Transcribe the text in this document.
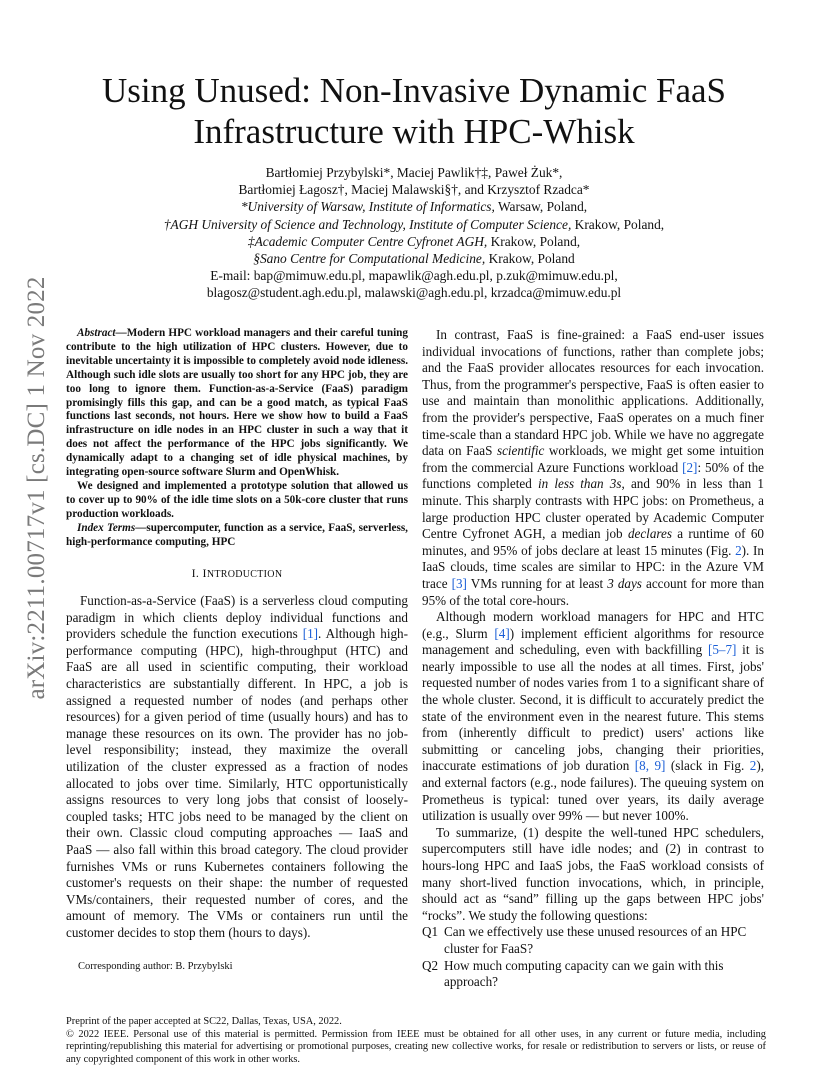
Using Unused: Non-Invasive Dynamic FaaS
Infrastructure with HPC-Whisk
Bartłomiej Przybylski*, Maciej Pawlik†‡, Paweł Żuk*,
Bartłomiej Łagosz†, Maciej Malawski§†, and Krzysztof Rzadca*
*University of Warsaw, Institute of Informatics, Warsaw, Poland,
†AGH University of Science and Technology, Institute of Computer Science, Krakow, Poland,
‡Academic Computer Centre Cyfronet AGH, Krakow, Poland,
§Sano Centre for Computational Medicine, Krakow, Poland
E-mail: bap@mimuw.edu.pl, mapawlik@agh.edu.pl, p.zuk@mimuw.edu.pl,
blagosz@student.agh.edu.pl, malawski@agh.edu.pl, krzadca@mimuw.edu.pl
arXiv:2211.00717v1 [cs.DC] 1 Nov 2022	Abstract—Modern HPC workload managers and their careful tuning contribute to the high utilization of HPC clusters. However, due to inevitable uncertainty it is impossible to completely avoid node idleness. Although such idle slots are usually too short for any HPC job, they are too long to ignore them. Function-as-a-Service (FaaS) paradigm promisingly fills this gap, and can be a good match, as typical FaaS functions last seconds, not hours. Here we show how to build a FaaS infrastructure on idle nodes in an HPC cluster in such a way that it does not affect the performance of the HPC jobs significantly. We dynamically adapt to a changing set of idle physical machines, by integrating open-source software Slurm and OpenWhisk.

We designed and implemented a prototype solution that allowed us to cover up to 90% of the idle time slots on a 50k-core cluster that runs production workloads.

Index Terms—supercomputer, function as a service, FaaS, serverless, high-performance computing, HPC

I. INTRODUCTION

Function-as-a-Service (FaaS) is a serverless cloud computing paradigm in which clients deploy individual functions and providers schedule the function executions [1]. Although high-performance computing (HPC), high-throughput (HTC) and FaaS are all used in scientific computing, their workload characteristics are substantially different. In HPC, a job is assigned a requested number of nodes (and perhaps other resources) for a given period of time (usually hours) and has to manage these resources on its own. The provider has no job-level responsibility; instead, they maximize the overall utilization of the cluster expressed as a fraction of nodes allocated to jobs over time. Similarly, HTC opportunistically assigns resources to very long jobs that consist of loosely-coupled tasks; HTC jobs need to be managed by the client on their own. Classic cloud computing approaches — IaaS and PaaS — also fall within this broad category. The cloud provider furnishes VMs or runs Kubernetes containers following the customer's requests on their shape: the number of requested VMs/containers, their requested number of cores, and the amount of memory. The VMs or containers run until the customer decides to stop them (hours to days).

In contrast, FaaS is fine-grained: a FaaS end-user issues individual invocations of functions, rather than complete jobs; and the FaaS provider allocates resources for each invocation. Thus, from the programmer's perspective, FaaS is often easier to use and maintain than monolithic applications. Additionally, from the provider's perspective, FaaS operates on a much finer time-scale than a standard HPC job. While we have no aggregate data on FaaS scientific workloads, we might get some intuition from the commercial Azure Functions workload [2]: 50% of the functions completed in less than 3s, and 90% in less than 1 minute. This sharply contrasts with HPC jobs: on Prometheus, a large production HPC cluster operated by Academic Computer Centre Cyfronet AGH, a median job declares a runtime of 60 minutes, and 95% of jobs declare at least 15 minutes (Fig. 2). In IaaS clouds, time scales are similar to HPC: in the Azure VM trace [3] VMs running for at least 3 days account for more than 95% of the total core-hours.

Although modern workload managers for HPC and HTC (e.g., Slurm [4]) implement efficient algorithms for resource management and scheduling, even with backfilling [5–7] it is nearly impossible to use all the nodes at all times. First, jobs' requested number of nodes varies from 1 to a significant share of the whole cluster. Second, it is difficult to accurately predict the state of the environment even in the nearest future. This stems from (inherently difficult to predict) users' actions like submitting or canceling jobs, changing their priorities, inaccurate estimations of job duration [8, 9] (slack in Fig. 2), and external factors (e.g., node failures). The queuing system on Prometheus is typical: tuned over years, its daily average utilization is usually over 99% — but never 100%.

To summarize, (1) despite the well-tuned HPC schedulers, supercomputers still have idle nodes; and (2) in contrast to hours-long HPC and IaaS jobs, the FaaS workload consists of many short-lived function invocations, which, in principle, should act as “sand” filling up the gaps between HPC jobs' “rocks”. We study the following questions:

Q1 Can we effectively use these unused resources of an HPC cluster for FaaS?
Q2 How much computing capacity can we gain with this approach?
Corresponding author: B. Przybylski
Preprint of the paper accepted at SC22, Dallas, Texas, USA, 2022.
© 2022 IEEE. Personal use of this material is permitted. Permission from IEEE must be obtained for all other uses, in any current or future media, including reprinting/republishing this material for advertising or promotional purposes, creating new collective works, for resale or redistribution to servers or lists, or reuse of any copyrighted component of this work in other works.
